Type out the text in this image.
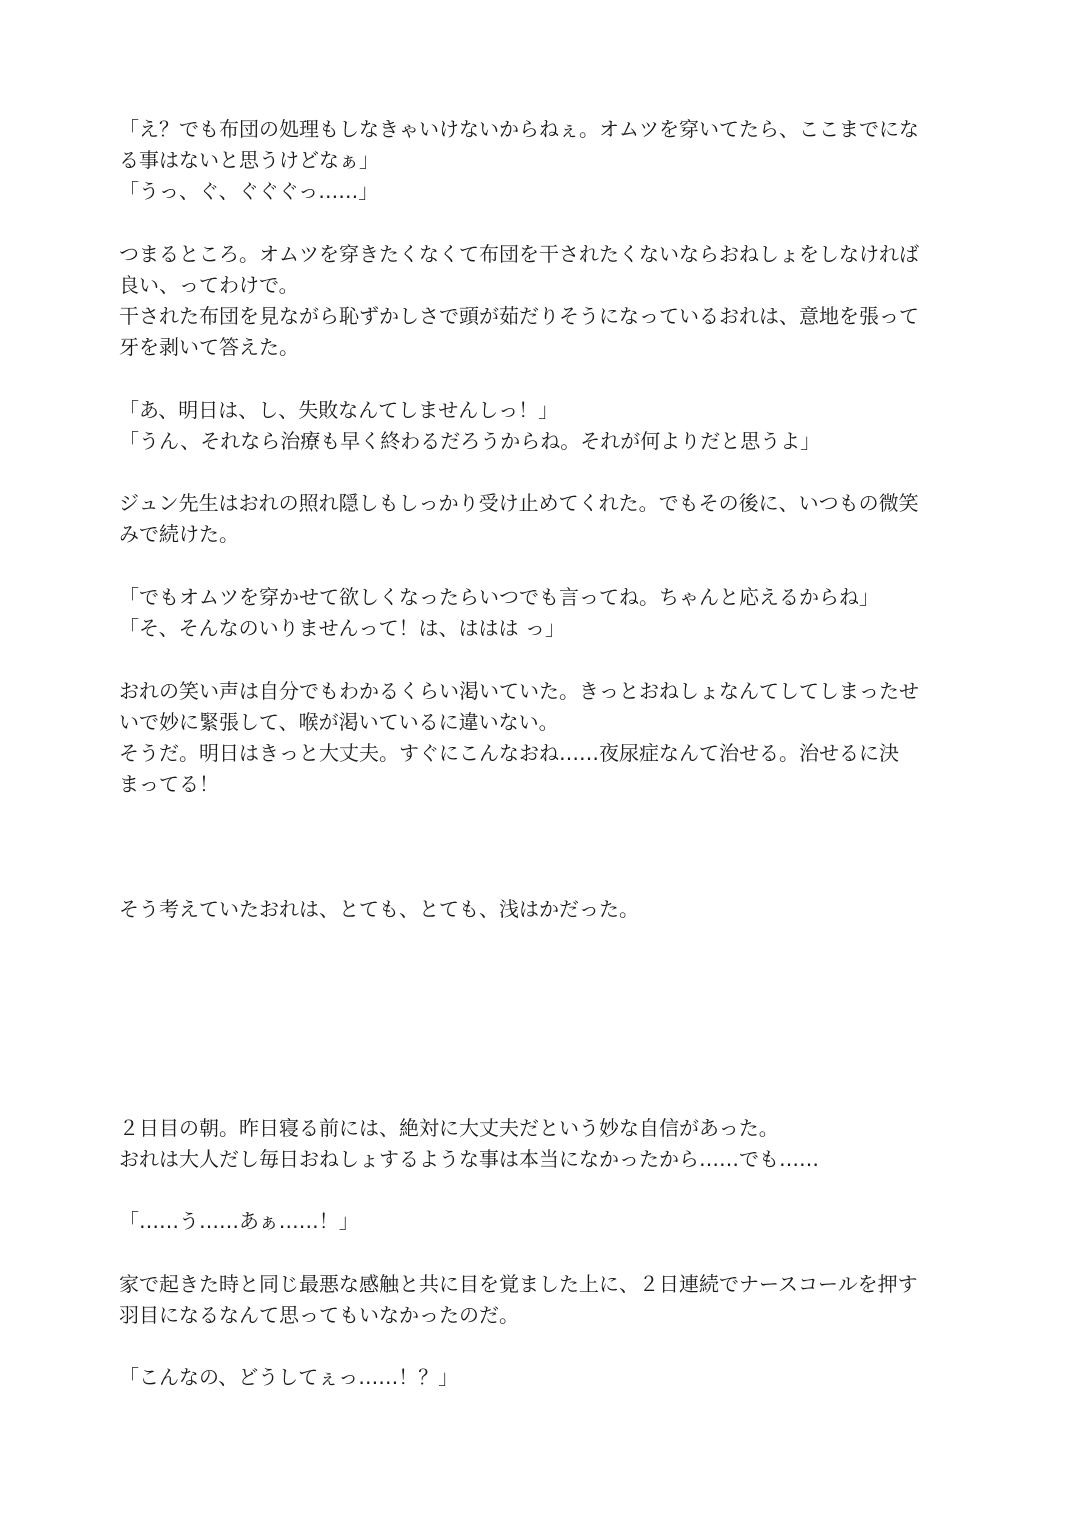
「え？でも布団の処理もしなきゃいけないからねぇ。オムツを穿いてたら、ここまでにな

る事はないと思うけどなぁ」

「うっ、ぐ、ぐぐぐっ……」

つまるところ。オムツを穿きたくなくて布団を干されたくないならおねしょをしなければ

良い、ってわけで。

干された布団を見ながら恥ずかしさで頭が茹だりそうになっているおれは、意地を張って

牙を剥いて答えた。

「あ、明日は、し、失敗なんてしませんしっ！」

「うん、それなら治療も早く終わるだろうからね。それが何よりだと思うよ」

ジュン先生はおれの照れ隠しもしっかり受け止めてくれた。でもその後に、いつもの微笑

みで続けた。

「でもオムツを穿かせて欲しくなったらいつでも言ってね。ちゃんと応えるからね」

「そ、そんなのいりませんって！は、ははは っ」

おれの笑い声は自分でもわかるくらい渇いていた。きっとおねしょなんてしてしまったせ

いで妙に緊張して、喉が渇いているに違いない。

そうだ。明日はきっと大丈夫。すぐにこんなおね……夜尿症なんて治せる。治せるに決

まってる！

そう考えていたおれは、とても、とても、浅はかだった。

２日目の朝。昨日寝る前には、絶対に大丈夫だという妙な自信があった。

おれは大人だし毎日おねしょするような事は本当になかったから……でも……

「……う……あぁ……！」

家で起きた時と同じ最悪な感触と共に目を覚ました上に、２日連続でナースコールを押す

羽目になるなんて思ってもいなかったのだ。

「こんなの、どうしてぇっ……！？」
